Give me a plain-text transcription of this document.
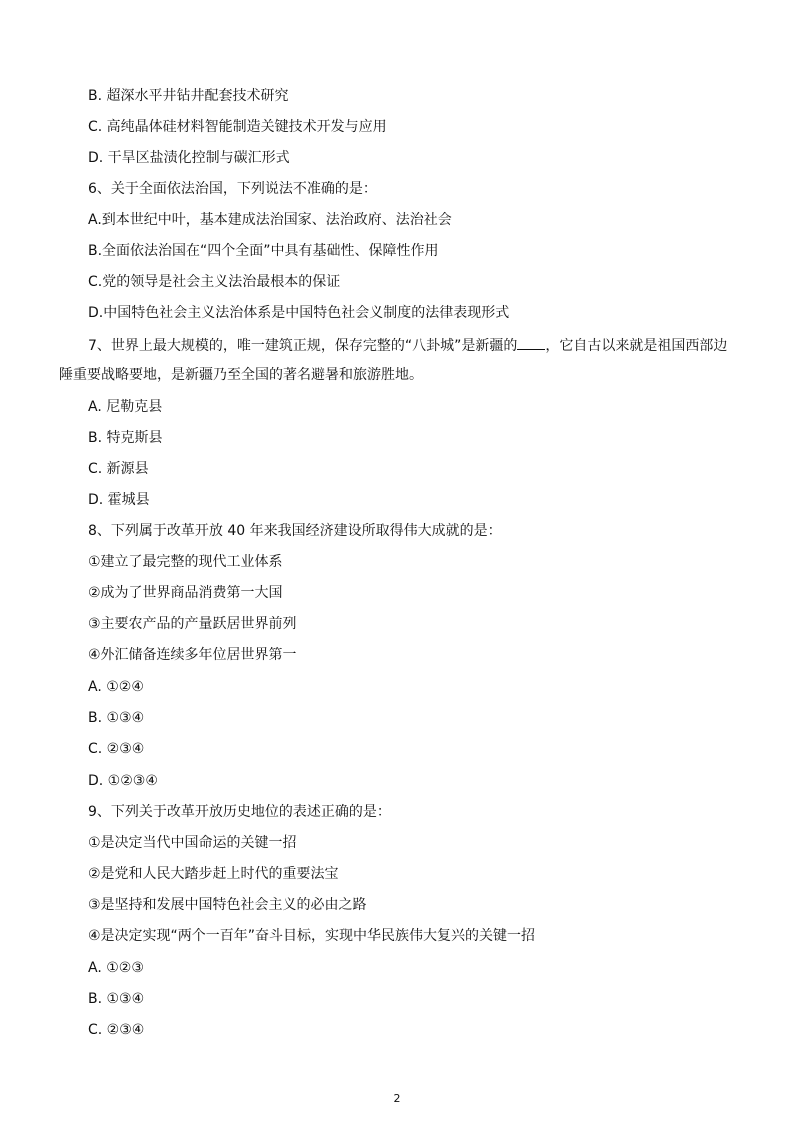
B. 超深水平井钻井配套技术研究
C. 高纯晶体硅材料智能制造关键技术开发与应用
D. 干旱区盐渍化控制与碳汇形式
6、关于全面依法治国，下列说法不准确的是：
A.到本世纪中叶，基本建成法治国家、法治政府、法治社会
B.全面依法治国在“四个全面”中具有基础性、保障性作用
C.党的领导是社会主义法治最根本的保证
D.中国特色社会主义法治体系是中国特色社会义制度的法律表现形式
7、世界上最大规模的，唯一建筑正规，保存完整的“八卦城”是新疆的 ，它自古以来就是祖国西部边
陲重要战略要地，是新疆乃至全国的著名避暑和旅游胜地。
A. 尼勒克县
B. 特克斯县
C. 新源县
D. 霍城县
8、下列属于改革开放 40 年来我国经济建设所取得伟大成就的是：
①建立了最完整的现代工业体系
②成为了世界商品消费第一大国
③主要农产品的产量跃居世界前列
④外汇储备连续多年位居世界第一
A. ①②④
B. ①③④
C. ②③④
D. ①②③④
9、下列关于改革开放历史地位的表述正确的是：
①是决定当代中国命运的关键一招
②是党和人民大踏步赶上时代的重要法宝
③是坚持和发展中国特色社会主义的必由之路
④是决定实现“两个一百年”奋斗目标，实现中华民族伟大复兴的关键一招
A. ①②③
B. ①③④
C. ②③④
2
